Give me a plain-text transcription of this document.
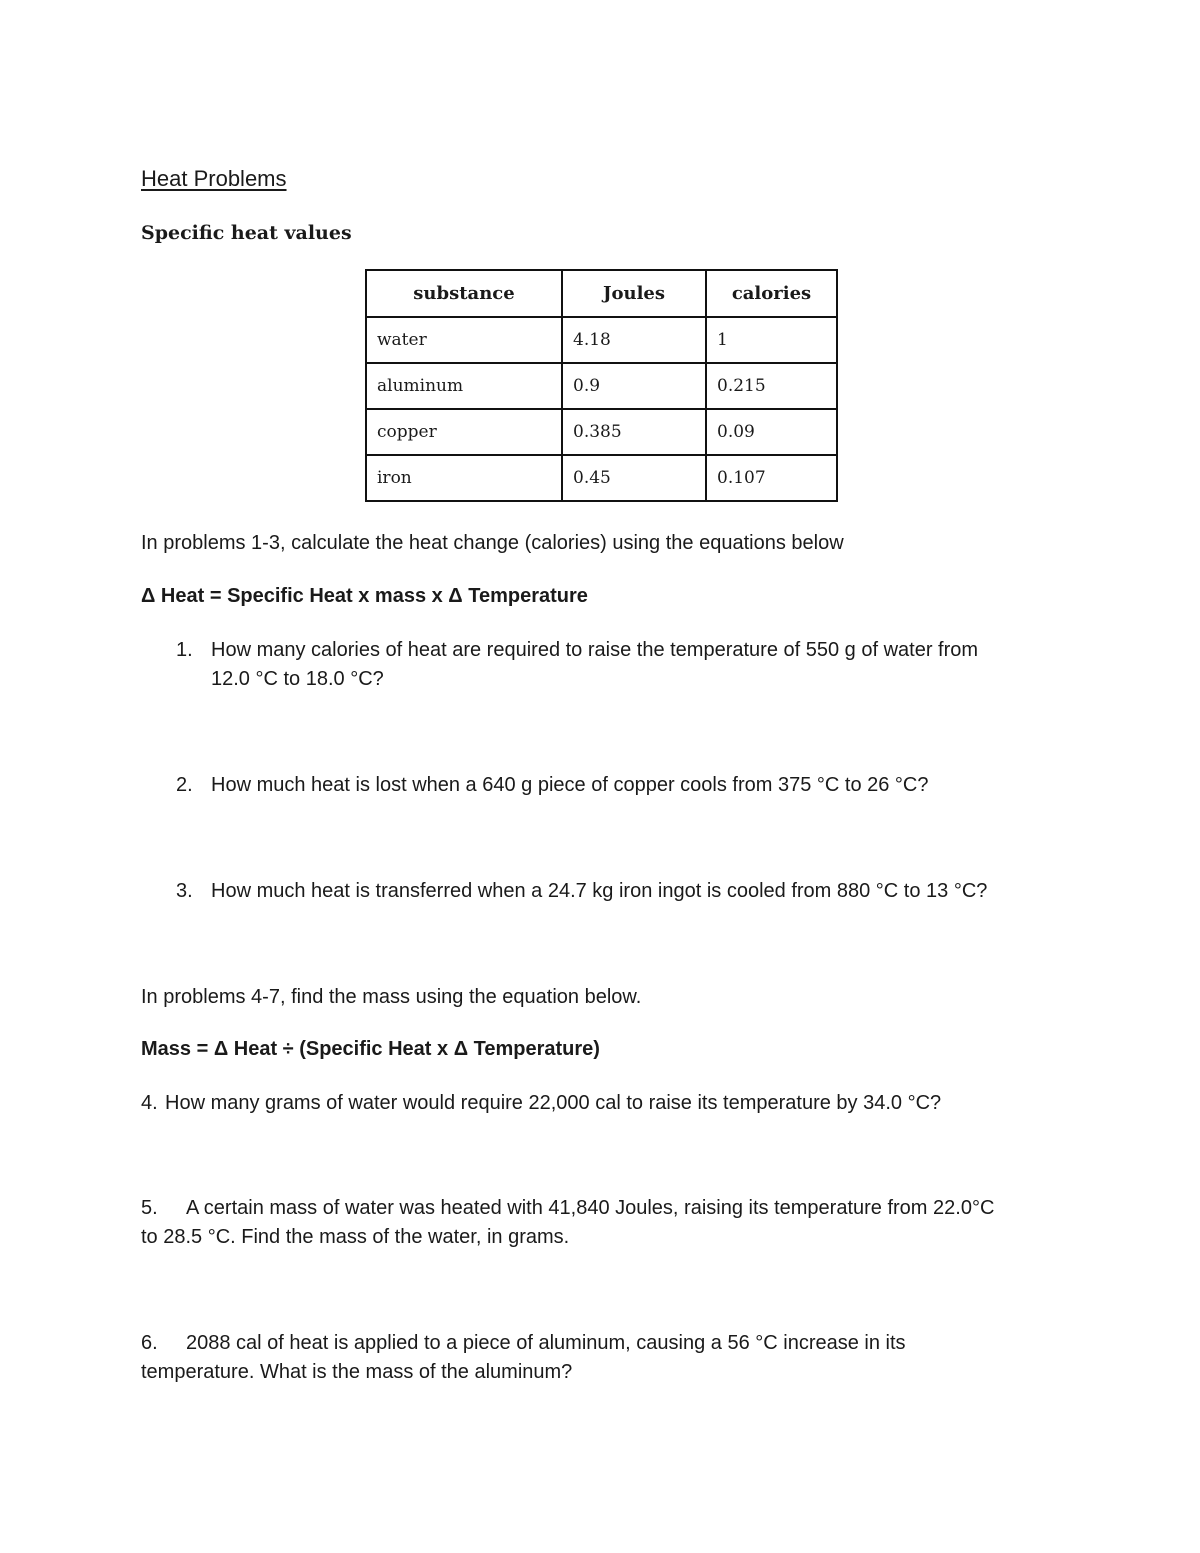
Heat Problems
Specific heat values
substance	Joules	calories
water	4.18	1
aluminum	0.9	0.215
copper	0.385	0.09
iron	0.45	0.107
In problems 1-3, calculate the heat change (calories) using the equations below
Δ Heat = Specific Heat x mass x Δ Temperature
1. How many calories of heat are required to raise the temperature of 550 g of water from
12.0 °C to 18.0 °C?
2. How much heat is lost when a 640 g piece of copper cools from 375 °C to 26 °C?
3. How much heat is transferred when a 24.7 kg iron ingot is cooled from 880 °C to 13 °C?
In problems 4-7, find the mass using the equation below.
Mass = Δ Heat ÷ (Specific Heat x Δ Temperature)
4. How many grams of water would require 22,000 cal to raise its temperature by 34.0 °C?
5. A certain mass of water was heated with 41,840 Joules, raising its temperature from 22.0°C
to 28.5 °C. Find the mass of the water, in grams.
6. 2088 cal of heat is applied to a piece of aluminum, causing a 56 °C increase in its
temperature. What is the mass of the aluminum?
